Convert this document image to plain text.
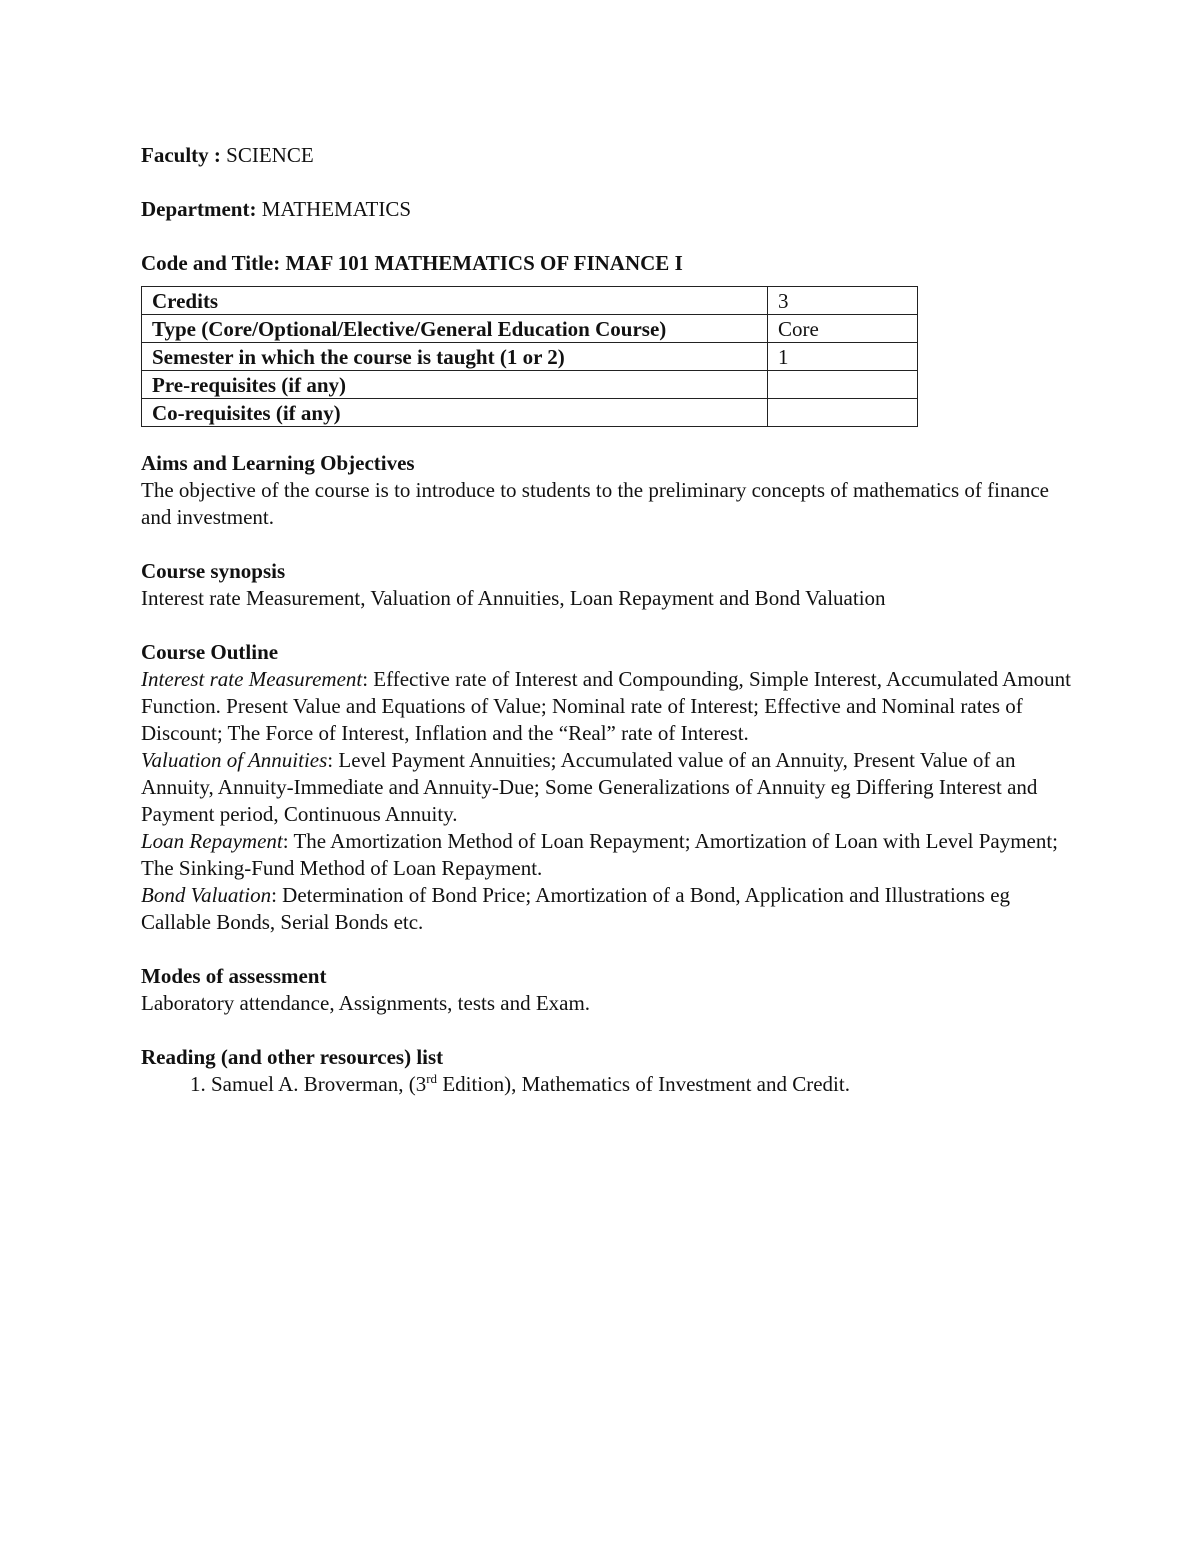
Faculty : SCIENCE
Department: MATHEMATICS
Code and Title: MAF 101 MATHEMATICS OF FINANCE I
Credits	3
Type (Core/Optional/Elective/General Education Course)	Core
Semester in which the course is taught (1 or 2)	1
Pre-requisites (if any)	
Co-requisites (if any)	
Aims and Learning Objectives

The objective of the course is to introduce to students to the preliminary concepts of mathematics of finance and investment.

Course synopsis

Interest rate Measurement, Valuation of Annuities, Loan Repayment and Bond Valuation

Course Outline

Interest rate Measurement: Effective rate of Interest and Compounding, Simple Interest, Accumulated Amount Function. Present Value and Equations of Value; Nominal rate of Interest; Effective and Nominal rates of Discount; The Force of Interest, Inflation and the “Real” rate of Interest.

Valuation of Annuities: Level Payment Annuities; Accumulated value of an Annuity, Present Value of an Annuity, Annuity-Immediate and Annuity-Due; Some Generalizations of Annuity eg Differing Interest and Payment period, Continuous Annuity.

Loan Repayment: The Amortization Method of Loan Repayment; Amortization of Loan with Level Payment; The Sinking-Fund Method of Loan Repayment.

Bond Valuation: Determination of Bond Price; Amortization of a Bond, Application and Illustrations eg Callable Bonds, Serial Bonds etc.

Modes of assessment

Laboratory attendance, Assignments, tests and Exam.

Reading (and other resources) list
1. Samuel A. Broverman, (3rd Edition), Mathematics of Investment and Credit.
